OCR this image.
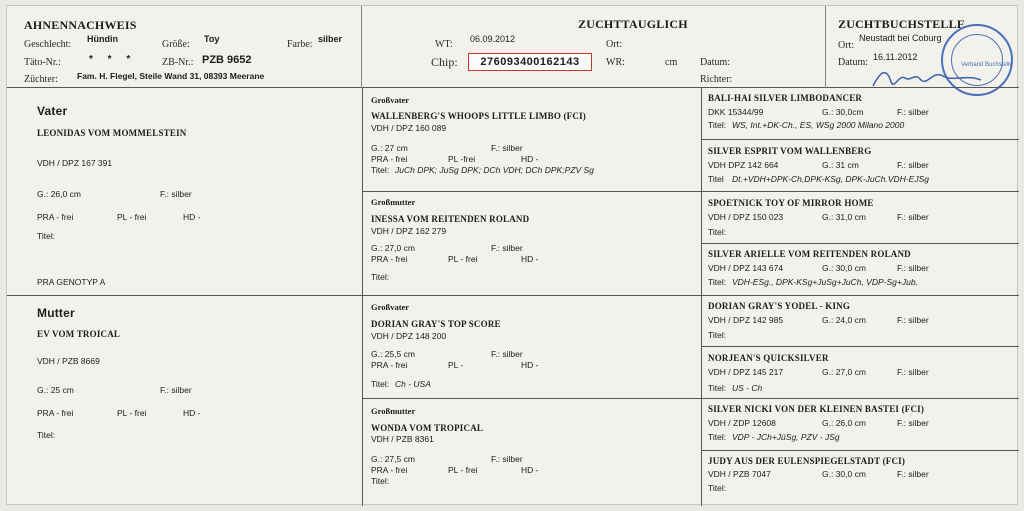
AHNENNACHWEIS
Geschlecht: Hündin	Größe: Toy	Farbe: silber
Täto-Nr.:	* * *	ZB-Nr.: PZB 9652
Züchter: Fam. H. Flegel, Steile Wand 31, 08393 Meerane
ZUCHTTAUGLICH
WT: 06.09.2012	Ort:
Chip:	276093400162143	WR:	cm Datum:
Richter:
ZUCHTBUCHSTELLE
Ort:
Neustadt bei Coburg
Datum: 16.11.2012
Verband Buchstelle
Vater
LEONIDAS VOM MOMMELSTEIN
VDH / DPZ 167 391
G.: 26,0 cm	F.: silber
PRA - frei	PL - frei	HD -
Titel:
PRA GENOTYP A
Mutter
EV VOM TROICAL
VDH / PZB 8669
G.: 25 cm	F.: silber
PRA - frei	PL - frei	HD -
Titel:
Großvater
WALLENBERG'S WHOOPS LITTLE LIMBO (FCI)
VDH / DPZ 160 089
G.: 27 cm	F.: silber
PRA - frei	PL -frei	HD -
Titel: JuCh DPK; JuSg DPK; DCh VDH; DCh DPK;PZV Sg
Großmutter
INESSA VOM REITENDEN ROLAND
VDH / DPZ 162 279
G.: 27,0 cm	F.: silber
PRA - frei	PL - frei	HD -
Titel:
Großvater
DORIAN GRAY'S TOP SCORE
VDH / DPZ 148 200
G.: 25,5 cm	F.: silber
PRA - frei	PL -	HD -
Titel: Ch - USA
Großmutter
WONDA VOM TROPICAL
VDH / PZB 8361
G.: 27,5 cm	F.: silber
PRA - frei	PL - frei	HD -
Titel:
BALI-HAI SILVER LIMBODANCER
DKK 15344/99	G.: 30,0cm	F.: silber
Titel: WS, Int.+DK-Ch., ES, WSg 2000 Milano 2000
SILVER ESPRIT VOM WALLENBERG
VDH DPZ 142 664	G.: 31 cm	F.: silber
Titel Dt.+VDH+DPK-Ch,DPK-KSg, DPK-JuCh.VDH-EJSg
SPOETNICK TOY OF MIRROR HOME
VDH / DPZ 150 023	G.: 31,0 cm	F.: silber
Titel:
SILVER ARIELLE VOM REITENDEN ROLAND
VDH / DPZ 143 674	G.: 30,0 cm	F.: silber
Titel: VDH-ESg., DPK-KSg+JuSg+JuCh, VDP-Sg+Jub.
DORIAN GRAY'S YODEL - KING
VDH / DPZ 142 985	G.: 24,0 cm	F.: silber
Titel:
NORJEAN'S QUICKSILVER
VDH / DPZ 145 217	G.: 27,0 cm	F.: silber
Titel: US - Ch
SILVER NICKI VON DER KLEINEN BASTEI (FCI)
VDH / ZDP 12608	G.: 26,0 cm	F.: silber
Titel: VDP - JCh+JüSg, PZV - JSg
JUDY AUS DER EULENSPIEGELSTADT (FCI)
VDH / PZB 7047	G.: 30,0 cm	F.: silber
Titel:
